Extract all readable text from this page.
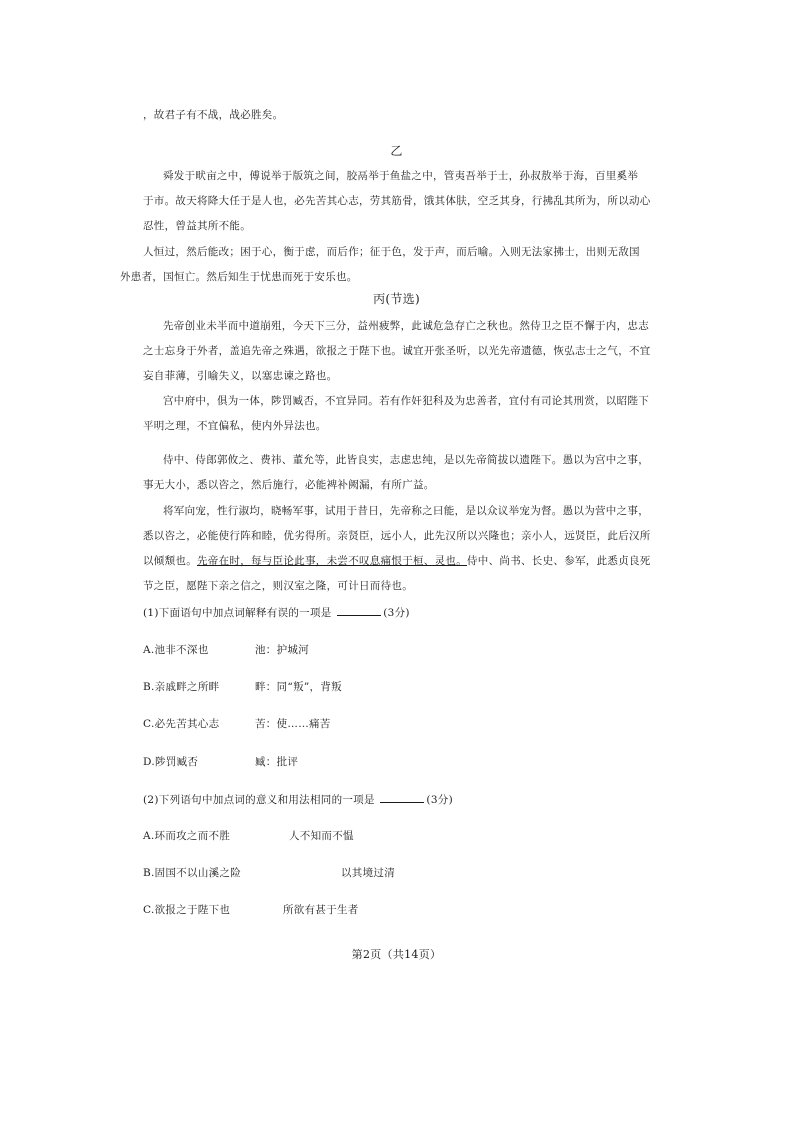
，故君子有不战，战必胜矣。
乙
舜发于畎亩之中，傅说举于版筑之间，胶鬲举于鱼盐之中，管夷吾举于士，孙叔敖举于海，百里奚举
于市。故天将降大任于是人也，必先苦其心志，劳其筋骨，饿其体肤，空乏其身，行拂乱其所为，所以动心
忍性，曾益其所不能。
人恒过，然后能改；困于心，衡于虑，而后作；征于色，发于声，而后喻。入则无法家拂士，出则无敌国
外患者，国恒亡。然后知生于忧患而死于安乐也。
丙(节选)
先帝创业未半而中道崩殂，今天下三分，益州疲弊，此诚危急存亡之秋也。然侍卫之臣不懈于内，忠志
之士忘身于外者，盖追先帝之殊遇，欲报之于陛下也。诚宜开张圣听，以光先帝遗德，恢弘志士之气，不宜
妄自菲薄，引喻失义，以塞忠谏之路也。
宫中府中，俱为一体，陟罚臧否，不宜异同。若有作奸犯科及为忠善者，宜付有司论其刑赏，以昭陛下
平明之理，不宜偏私，使内外异法也。
侍中、侍郎郭攸之、费祎、董允等，此皆良实，志虑忠纯，是以先帝简拔以遗陛下。愚以为宫中之事，
事无大小，悉以咨之，然后施行，必能裨补阙漏，有所广益。
将军向宠，性行淑均，晓畅军事，试用于昔日，先帝称之曰能，是以众议举宠为督。愚以为营中之事，
悉以咨之，必能使行阵和睦，优劣得所。亲贤臣，远小人，此先汉所以兴隆也；亲小人，远贤臣，此后汉所
以倾颓也。先帝在时，每与臣论此事，未尝不叹息痛恨于桓、灵也。侍中、尚书、长史、参军，此悉贞良死
节之臣，愿陛下亲之信之，则汉室之隆，可计日而待也。
(1)下面语句中加点词解释有误的一项是	(3分)
A.池非不深也	池：护城河
B.亲戚畔之所畔	畔：同“叛”，背叛
C.必先苦其心志	苦：使……痛苦
D.陟罚臧否	臧：批评
(2)下列语句中加点词的意义和用法相同的一项是	(3分)
A.环而攻之而不胜	人不知而不愠
B.固国不以山溪之险	以其境过清
C.欲报之于陛下也	所欲有甚于生者
第2页（共14页）
